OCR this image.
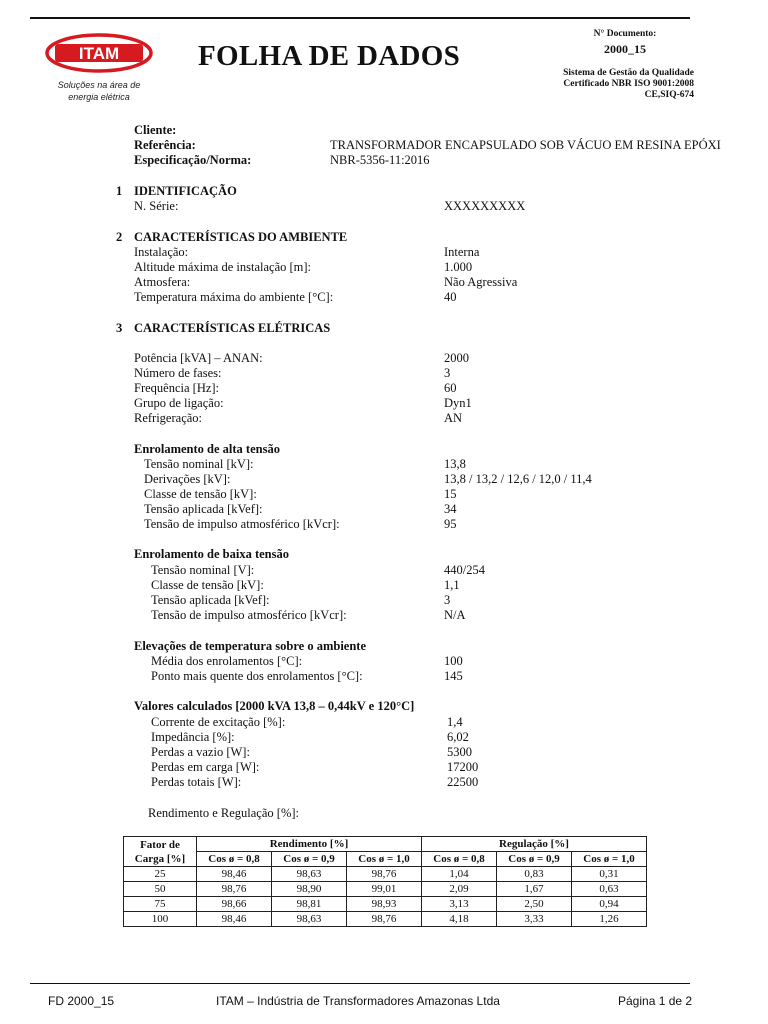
ITAM
Soluções na área de
energia elétrica
FOLHA DE DADOS
N° Documento:
2000_15
Sistema de Gestão da Qualidade
Certificado NBR ISO 9001:2008
CE,SIQ-674
Cliente:
Referência:	TRANSFORMADOR ENCAPSULADO SOB VÁCUO EM RESINA EPÓXI
Especificação/Norma:	NBR-5356-11:2016
1 IDENTIFICAÇÃO
N. Série:	XXXXXXXXX
2 CARACTERÍSTICAS DO AMBIENTE
Instalação:	Interna
Altitude máxima de instalação [m]:	1.000
Atmosfera:	Não Agressiva
Temperatura máxima do ambiente [°C]:	40
3 CARACTERÍSTICAS ELÉTRICAS
Potência [kVA] – ANAN:	2000
Número de fases:	3
Frequência [Hz]:	60
Grupo de ligação:	Dyn1
Refrigeração:	AN
Enrolamento de alta tensão
Tensão nominal [kV]:	13,8
Derivações [kV]:	13,8 / 13,2 / 12,6 / 12,0 / 11,4
Classe de tensão [kV]:	15
Tensão aplicada [kVef]:	34
Tensão de impulso atmosférico [kVcr]:	95
Enrolamento de baixa tensão
Tensão nominal [V]:	440/254
Classe de tensão [kV]:	1,1
Tensão aplicada [kVef]:	3
Tensão de impulso atmosférico [kVcr]:	N/A
Elevações de temperatura sobre o ambiente
Média dos enrolamentos [°C]:	100
Ponto mais quente dos enrolamentos [°C]:	145
Valores calculados [2000 kVA 13,8 – 0,44kV e 120°C]
Corrente de excitação [%]:	1,4
Impedância [%]:	6,02
Perdas a vazio [W]:	5300
Perdas em carga [W]:	17200
Perdas totais [W]:	22500
Rendimento e Regulação [%]:
Fator de
Carga [%]	Rendimento [%]			Regulação [%]		
	Cos ø = 0,8	Cos ø = 0,9	Cos ø = 1,0	Cos ø = 0,8	Cos ø = 0,9	Cos ø = 1,0
25	98,46	98,63	98,76	1,04	0,83	0,31
50	98,76	98,90	99,01	2,09	1,67	0,63
75	98,66	98,81	98,93	3,13	2,50	0,94
100	98,46	98,63	98,76	4,18	3,33	1,26
FD 2000_15	ITAM – Indústria de Transformadores Amazonas Ltda	Página 1 de 2
